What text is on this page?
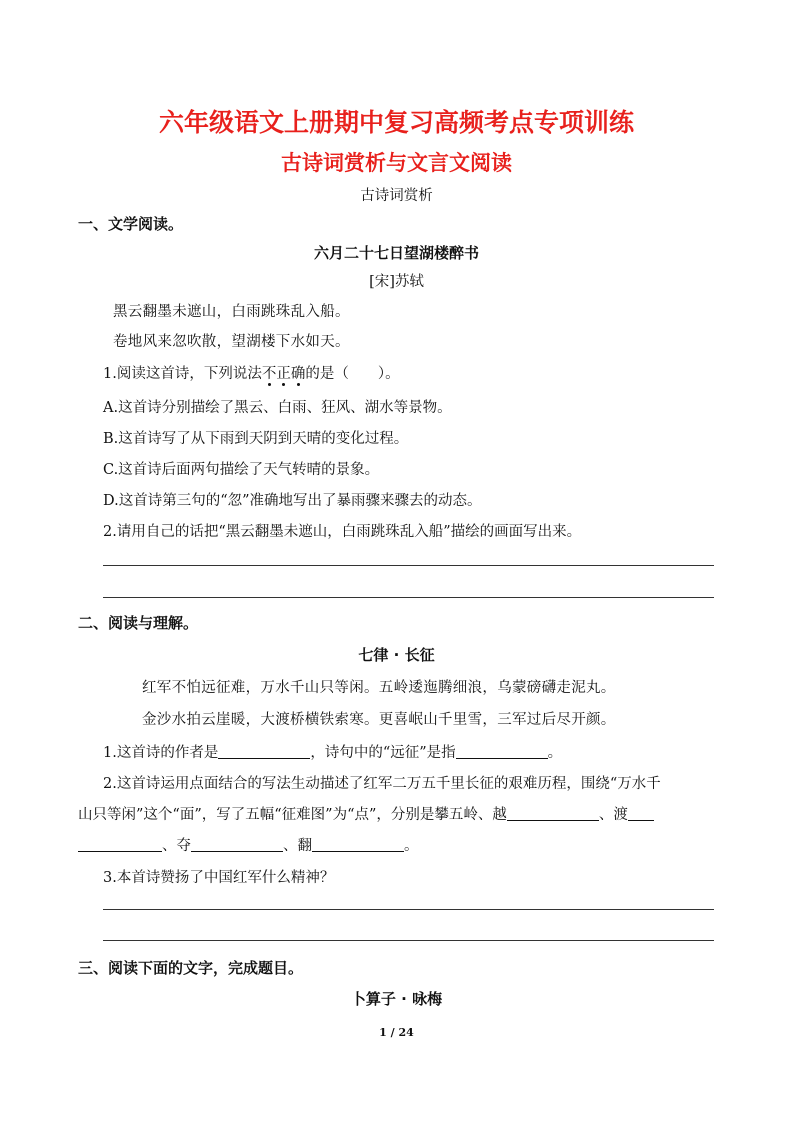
六年级语文上册期中复习高频考点专项训练
古诗词赏析与文言文阅读
古诗词赏析
一、文学阅读。
六月二十七日望湖楼醉书
[宋]苏轼
黑云翻墨未遮山，白雨跳珠乱入船。
卷地风来忽吹散，望湖楼下水如天。
1.阅读这首诗，下列说法不正确的是（　　）。
A.这首诗分别描绘了黑云、白雨、狂风、湖水等景物。
B.这首诗写了从下雨到天阴到天晴的变化过程。
C.这首诗后面两句描绘了天气转晴的景象。
D.这首诗第三句的“忽”准确地写出了暴雨骤来骤去的动态。
2.请用自己的话把“黑云翻墨未遮山，白雨跳珠乱入船”描绘的画面写出来。
二、阅读与理解。
七律 · 长征
红军不怕远征难，万水千山只等闲。五岭逶迤腾细浪，乌蒙磅礴走泥丸。
金沙水拍云崖暖，大渡桥横铁索寒。更喜岷山千里雪，三军过后尽开颜。
1.这首诗的作者是	，诗句中的“远征”是指	。
2.这首诗运用点面结合的写法生动描述了红军二万五千里长征的艰难历程，围绕“万水千
山只等闲”这个“面”，写了五幅“征难图”为“点”，分别是攀五岭、越	、渡
、夺	、翻	。
3.本首诗赞扬了中国红军什么精神？
三、阅读下面的文字，完成题目。
卜算子 · 咏梅
1 / 24
